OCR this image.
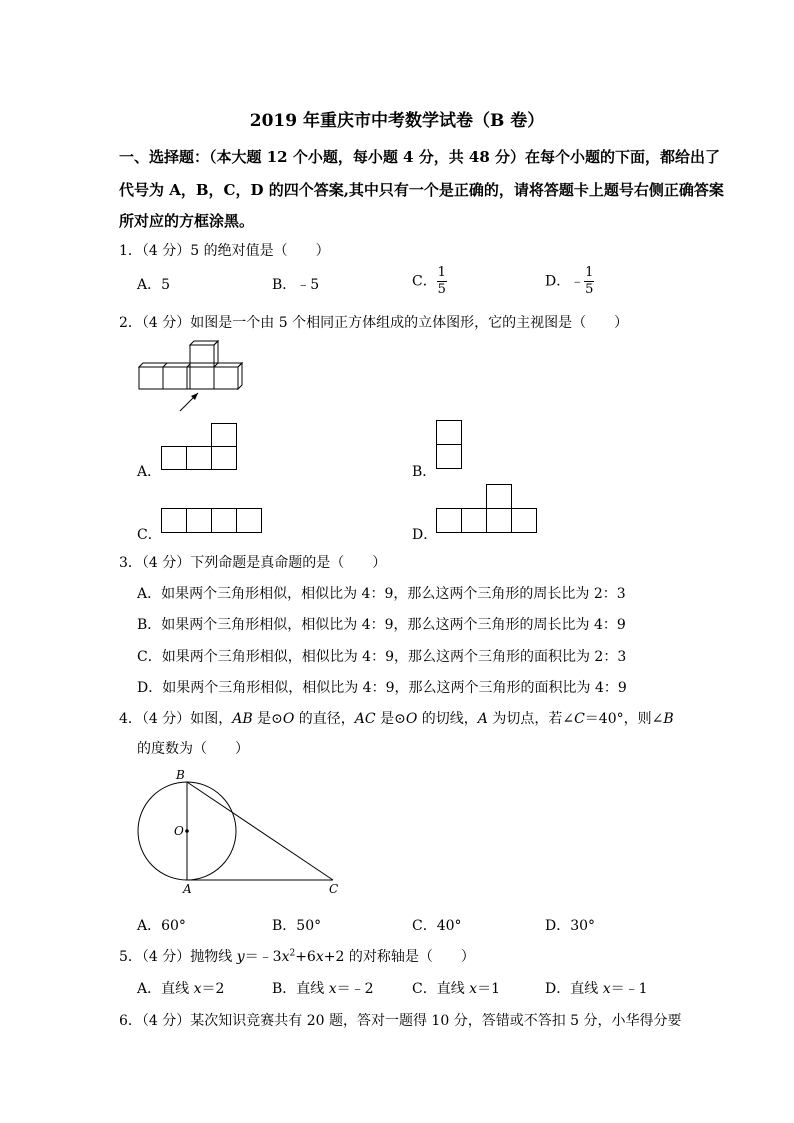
2019 年重庆市中考数学试卷（B 卷）
一、选择题：（本大题 12 个小题，每小题 4 分，共 48 分）在每个小题的下面，都给出了
代号为 A，B，C，D 的四个答案,其中只有一个是正确的，请将答题卡上题号右侧正确答案
所对应的方框涂黑。
1．（4 分）5 的绝对值是（　　）
A．5	B．﹣5	C． $\frac{1}{5}$	D．﹣ $\frac{1}{5}$
2．（4 分）如图是一个由 5 个相同正方体组成的立体图形，它的主视图是（　　）
A．	B．
C．	D．
3．（4 分）下列命题是真命题的是（　　）
A．如果两个三角形相似，相似比为 4：9，那么这两个三角形的周长比为 2：3
B．如果两个三角形相似，相似比为 4：9，那么这两个三角形的周长比为 4：9
C．如果两个三角形相似，相似比为 4：9，那么这两个三角形的面积比为 2：3
D．如果两个三角形相似，相似比为 4：9，那么这两个三角形的面积比为 4：9
4．（4 分）如图，AB 是⊙O 的直径，AC 是⊙O 的切线，A 为切点，若∠C＝40°，则∠B
的度数为（　　）
B
O
A	C
A．60°	B．50°	C．40°	D．30°
5．（4 分）抛物线 $y=﹣3x^2+6x+2$ 的对称轴是（　　）
A．直线 x＝2	B．直线 x＝﹣2	C．直线 x＝1	D．直线 x＝﹣1
6．（4 分）某次知识竞赛共有 20 题，答对一题得 10 分，答错或不答扣 5 分，小华得分要
